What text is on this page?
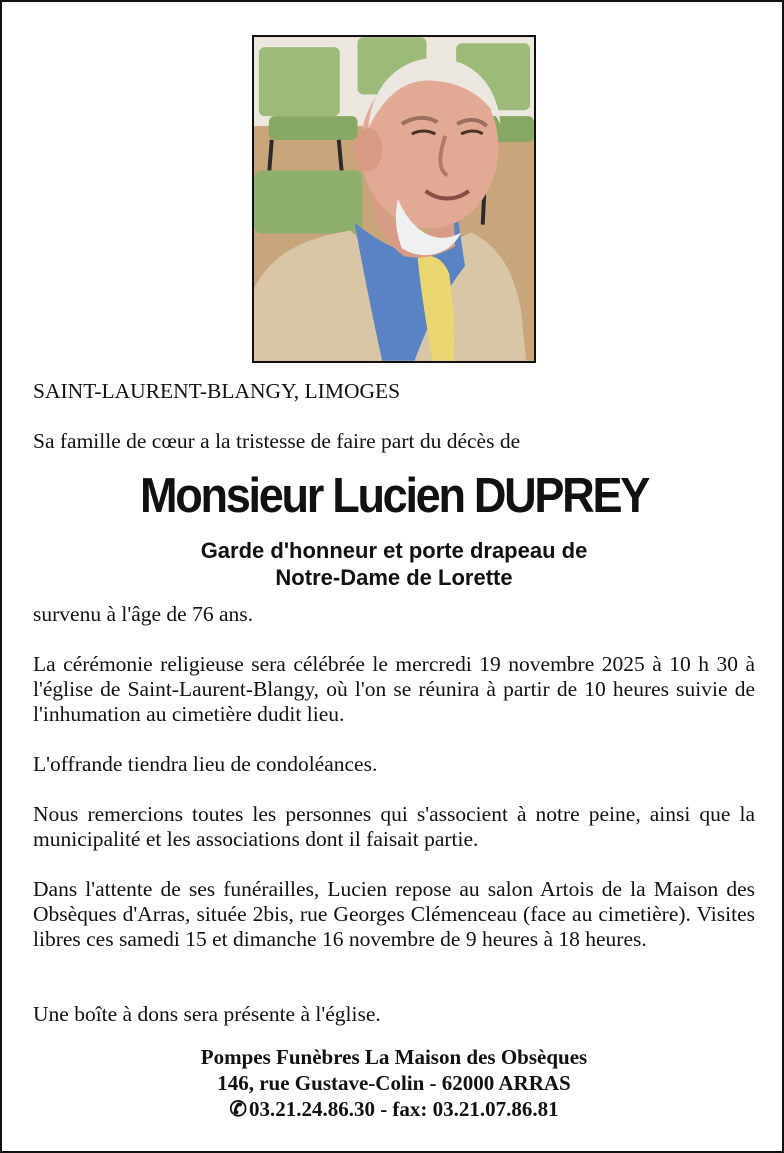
SAINT-LAURENT-BLANGY, LIMOGES

Sa famille de cœur a la tristesse de faire part du décès de

Monsieur Lucien DUPREY
Garde d'honneur et porte drapeau de
Notre-Dame de Lorette

survenu à l'âge de 76 ans.

La cérémonie religieuse sera célébrée le mercredi 19 novembre 2025 à 10 h 30 à l'église de Saint-Laurent-Blangy, où l'on se réunira à partir de 10 heures suivie de l'inhumation au cimetière dudit lieu.

L'offrande tiendra lieu de condoléances.

Nous remercions toutes les personnes qui s'associent à notre peine, ainsi que la municipalité et les associations dont il faisait partie.

Dans l'attente de ses funérailles, Lucien repose au salon Artois de la Maison des Obsèques d'Arras, située 2bis, rue Georges Clémenceau (face au cimetière). Visites libres ces samedi 15 et dimanche 16 novembre de 9 heures à 18 heures.

Une boîte à dons sera présente à l'église.

Pompes Funèbres La Maison des Obsèques
146, rue Gustave-Colin - 62000 ARRAS
✆03.21.24.86.30 - fax: 03.21.07.86.81
